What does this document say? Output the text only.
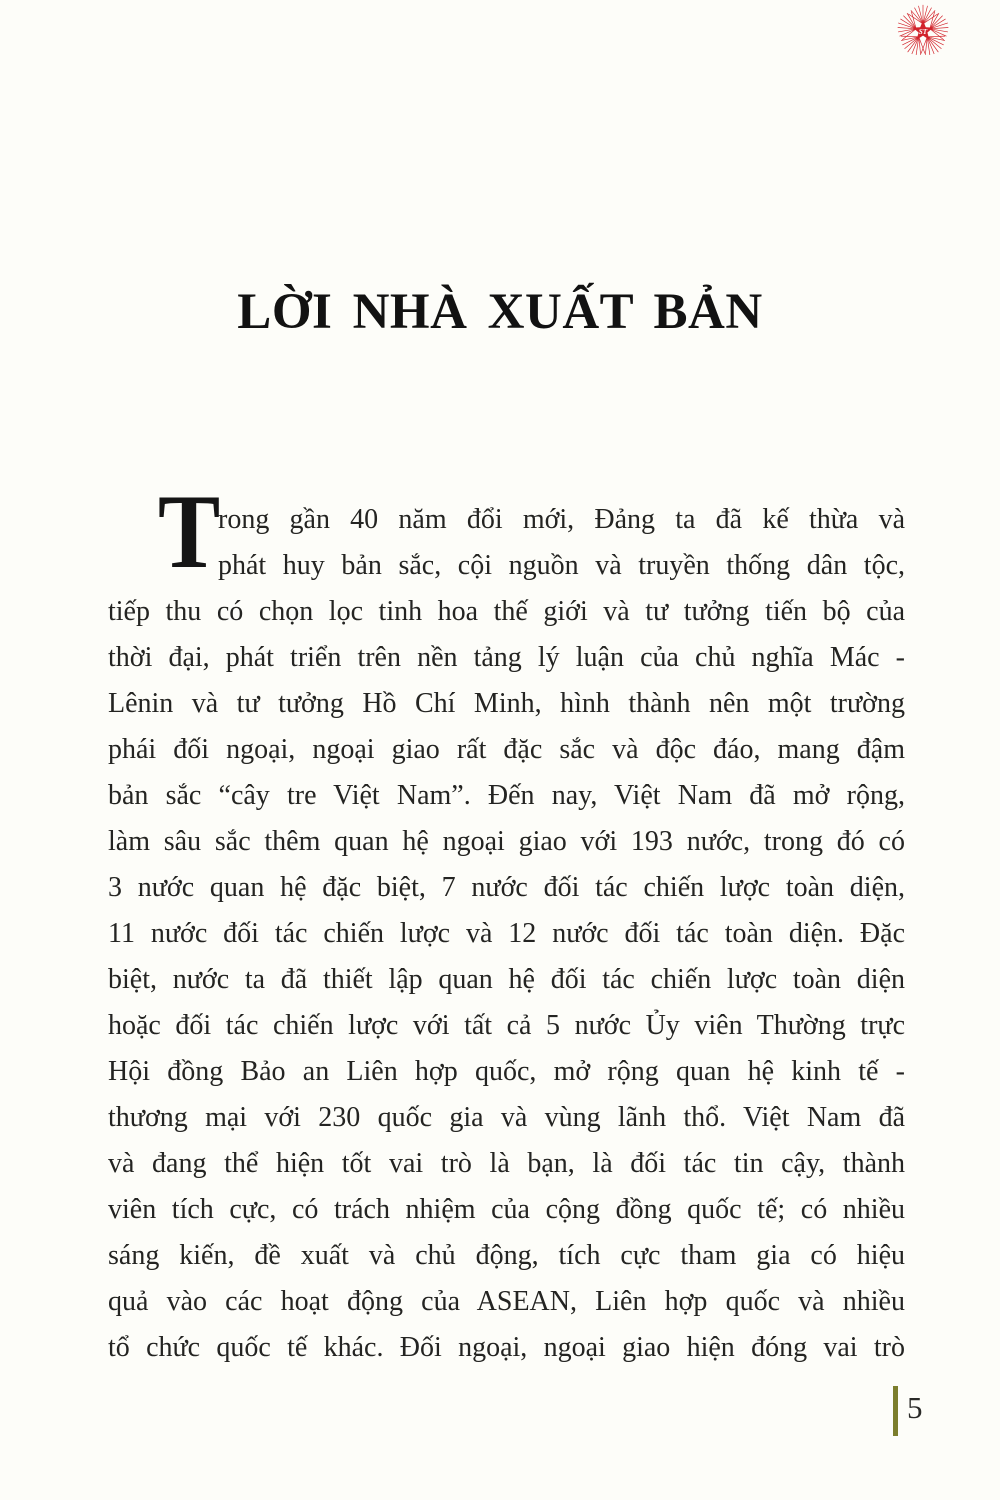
ST
LỜI NHÀ XUẤT BẢN
T
rong gần 40 năm đổi mới, Đảng ta đã kế thừa và
phát huy bản sắc, cội nguồn và truyền thống dân tộc,
tiếp thu có chọn lọc tinh hoa thế giới và tư tưởng tiến bộ của
thời đại, phát triển trên nền tảng lý luận của chủ nghĩa Mác -
Lênin và tư tưởng Hồ Chí Minh, hình thành nên một trường
phái đối ngoại, ngoại giao rất đặc sắc và độc đáo, mang đậm
bản sắc “cây tre Việt Nam”. Đến nay, Việt Nam đã mở rộng,
làm sâu sắc thêm quan hệ ngoại giao với 193 nước, trong đó có
3 nước quan hệ đặc biệt, 7 nước đối tác chiến lược toàn diện,
11 nước đối tác chiến lược và 12 nước đối tác toàn diện. Đặc
biệt, nước ta đã thiết lập quan hệ đối tác chiến lược toàn diện
hoặc đối tác chiến lược với tất cả 5 nước Ủy viên Thường trực
Hội đồng Bảo an Liên hợp quốc, mở rộng quan hệ kinh tế -
thương mại với 230 quốc gia và vùng lãnh thổ. Việt Nam đã
và đang thể hiện tốt vai trò là bạn, là đối tác tin cậy, thành
viên tích cực, có trách nhiệm của cộng đồng quốc tế; có nhiều
sáng kiến, đề xuất và chủ động, tích cực tham gia có hiệu
quả vào các hoạt động của ASEAN, Liên hợp quốc và nhiều
tổ chức quốc tế khác. Đối ngoại, ngoại giao hiện đóng vai trò
5
